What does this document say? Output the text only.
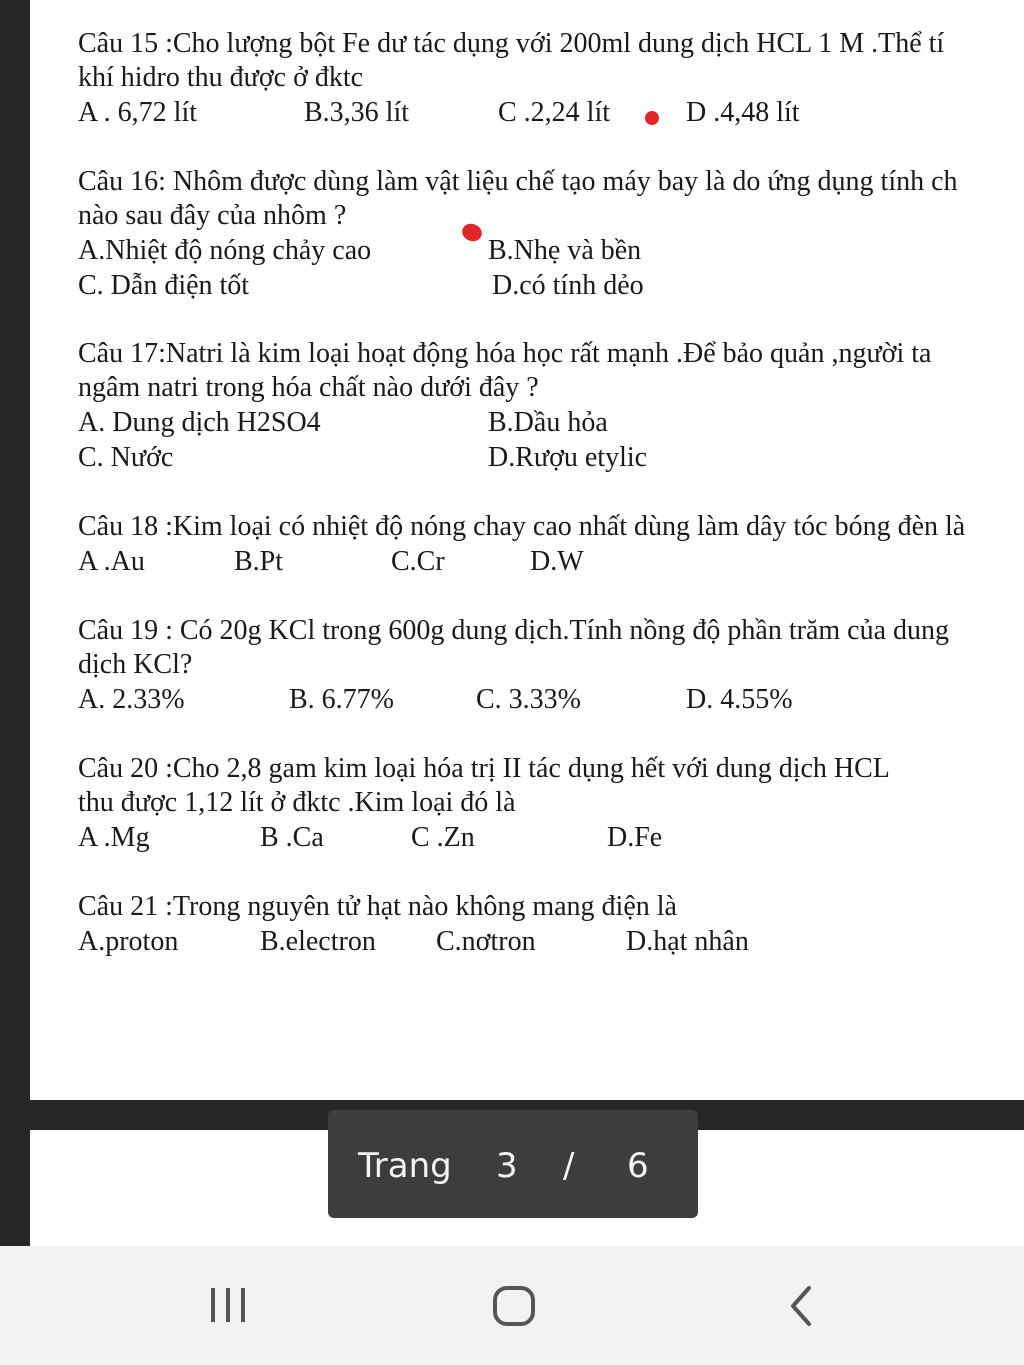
Câu 15 :Cho lượng bột Fe dư tác dụng với 200ml dung dịch HCL 1 M .Thể tí
khí hidro thu được ở đktc
A . 6,72 lít	B.3,36 lít	C .2,24 lít	D .4,48 lít
Câu 16: Nhôm được dùng làm vật liệu chế tạo máy bay là do ứng dụng tính ch
nào sau đây của nhôm ?
A.Nhiệt độ nóng chảy cao	B.Nhẹ và bền
C. Dẫn điện tốt	D.có tính dẻo
Câu 17:Natri là kim loại hoạt động hóa học rất mạnh .Để bảo quản ,người ta
ngâm natri trong hóa chất nào dưới đây ?
A. Dung dịch H2SO4	B.Dầu hỏa
C. Nước	D.Rượu etylic
Câu 18 :Kim loại có nhiệt độ nóng chay cao nhất dùng làm dây tóc bóng đèn là
A .Au	B.Pt	C.Cr	D.W
Câu 19 : Có 20g KCl trong 600g dung dịch.Tính nồng độ phần trăm của dung
dịch KCl?
A. 2.33%	B. 6.77%	C. 3.33%	D. 4.55%
Câu 20 :Cho 2,8 gam kim loại hóa trị II tác dụng hết với dung dịch HCL
thu được 1,12 lít ở đktc .Kim loại đó là
A .Mg	B .Ca	C .Zn	D.Fe
Câu 21 :Trong nguyên tử hạt nào không mang điện là
A.proton	B.electron C.nơtron	D.hạt nhân
Trang 3 / 6
